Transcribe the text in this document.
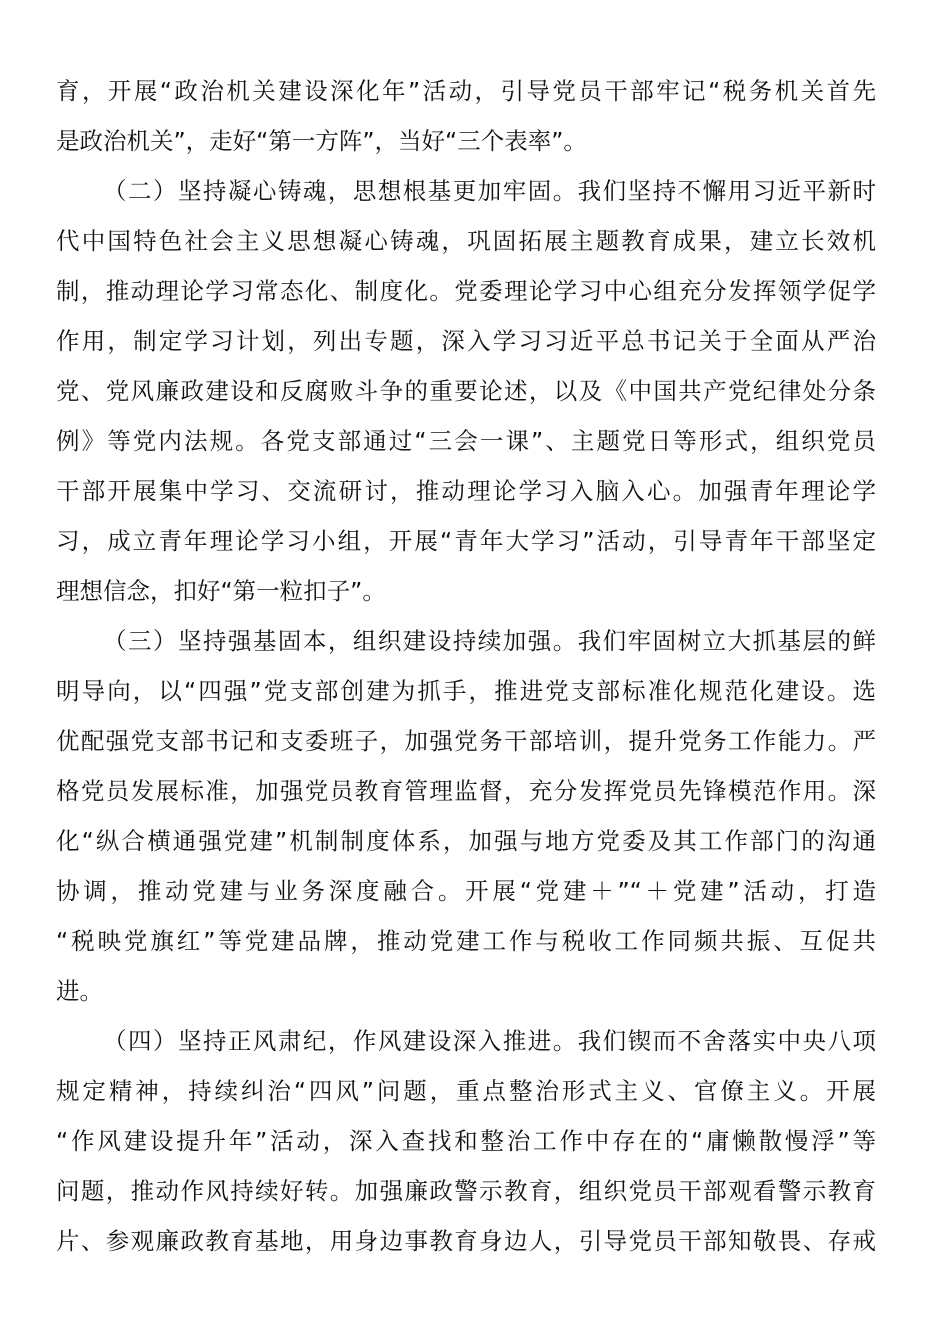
育，开展“政治机关建设深化年”活动，引导党员干部牢记“税务机关首先
是政治机关”，走好“第一方阵”，当好“三个表率”。
（二）坚持凝心铸魂，思想根基更加牢固。我们坚持不懈用习近平新时
代中国特色社会主义思想凝心铸魂，巩固拓展主题教育成果，建立长效机
制，推动理论学习常态化、制度化。党委理论学习中心组充分发挥领学促学
作用，制定学习计划，列出专题，深入学习习近平总书记关于全面从严治
党、党风廉政建设和反腐败斗争的重要论述，以及《中国共产党纪律处分条
例》等党内法规。各党支部通过“三会一课”、主题党日等形式，组织党员
干部开展集中学习、交流研讨，推动理论学习入脑入心。加强青年理论学
习，成立青年理论学习小组，开展“青年大学习”活动，引导青年干部坚定
理想信念，扣好“第一粒扣子”。
（三）坚持强基固本，组织建设持续加强。我们牢固树立大抓基层的鲜
明导向，以“四强”党支部创建为抓手，推进党支部标准化规范化建设。选
优配强党支部书记和支委班子，加强党务干部培训，提升党务工作能力。严
格党员发展标准，加强党员教育管理监督，充分发挥党员先锋模范作用。深
化“纵合横通强党建”机制制度体系，加强与地方党委及其工作部门的沟通
协调，推动党建与业务深度融合。开展“党建＋”“＋党建”活动，打造
“税映党旗红”等党建品牌，推动党建工作与税收工作同频共振、互促共
进。
（四）坚持正风肃纪，作风建设深入推进。我们锲而不舍落实中央八项
规定精神，持续纠治“四风”问题，重点整治形式主义、官僚主义。开展
“作风建设提升年”活动，深入查找和整治工作中存在的“庸懒散慢浮”等
问题，推动作风持续好转。加强廉政警示教育，组织党员干部观看警示教育
片、参观廉政教育基地，用身边事教育身边人，引导党员干部知敬畏、存戒
